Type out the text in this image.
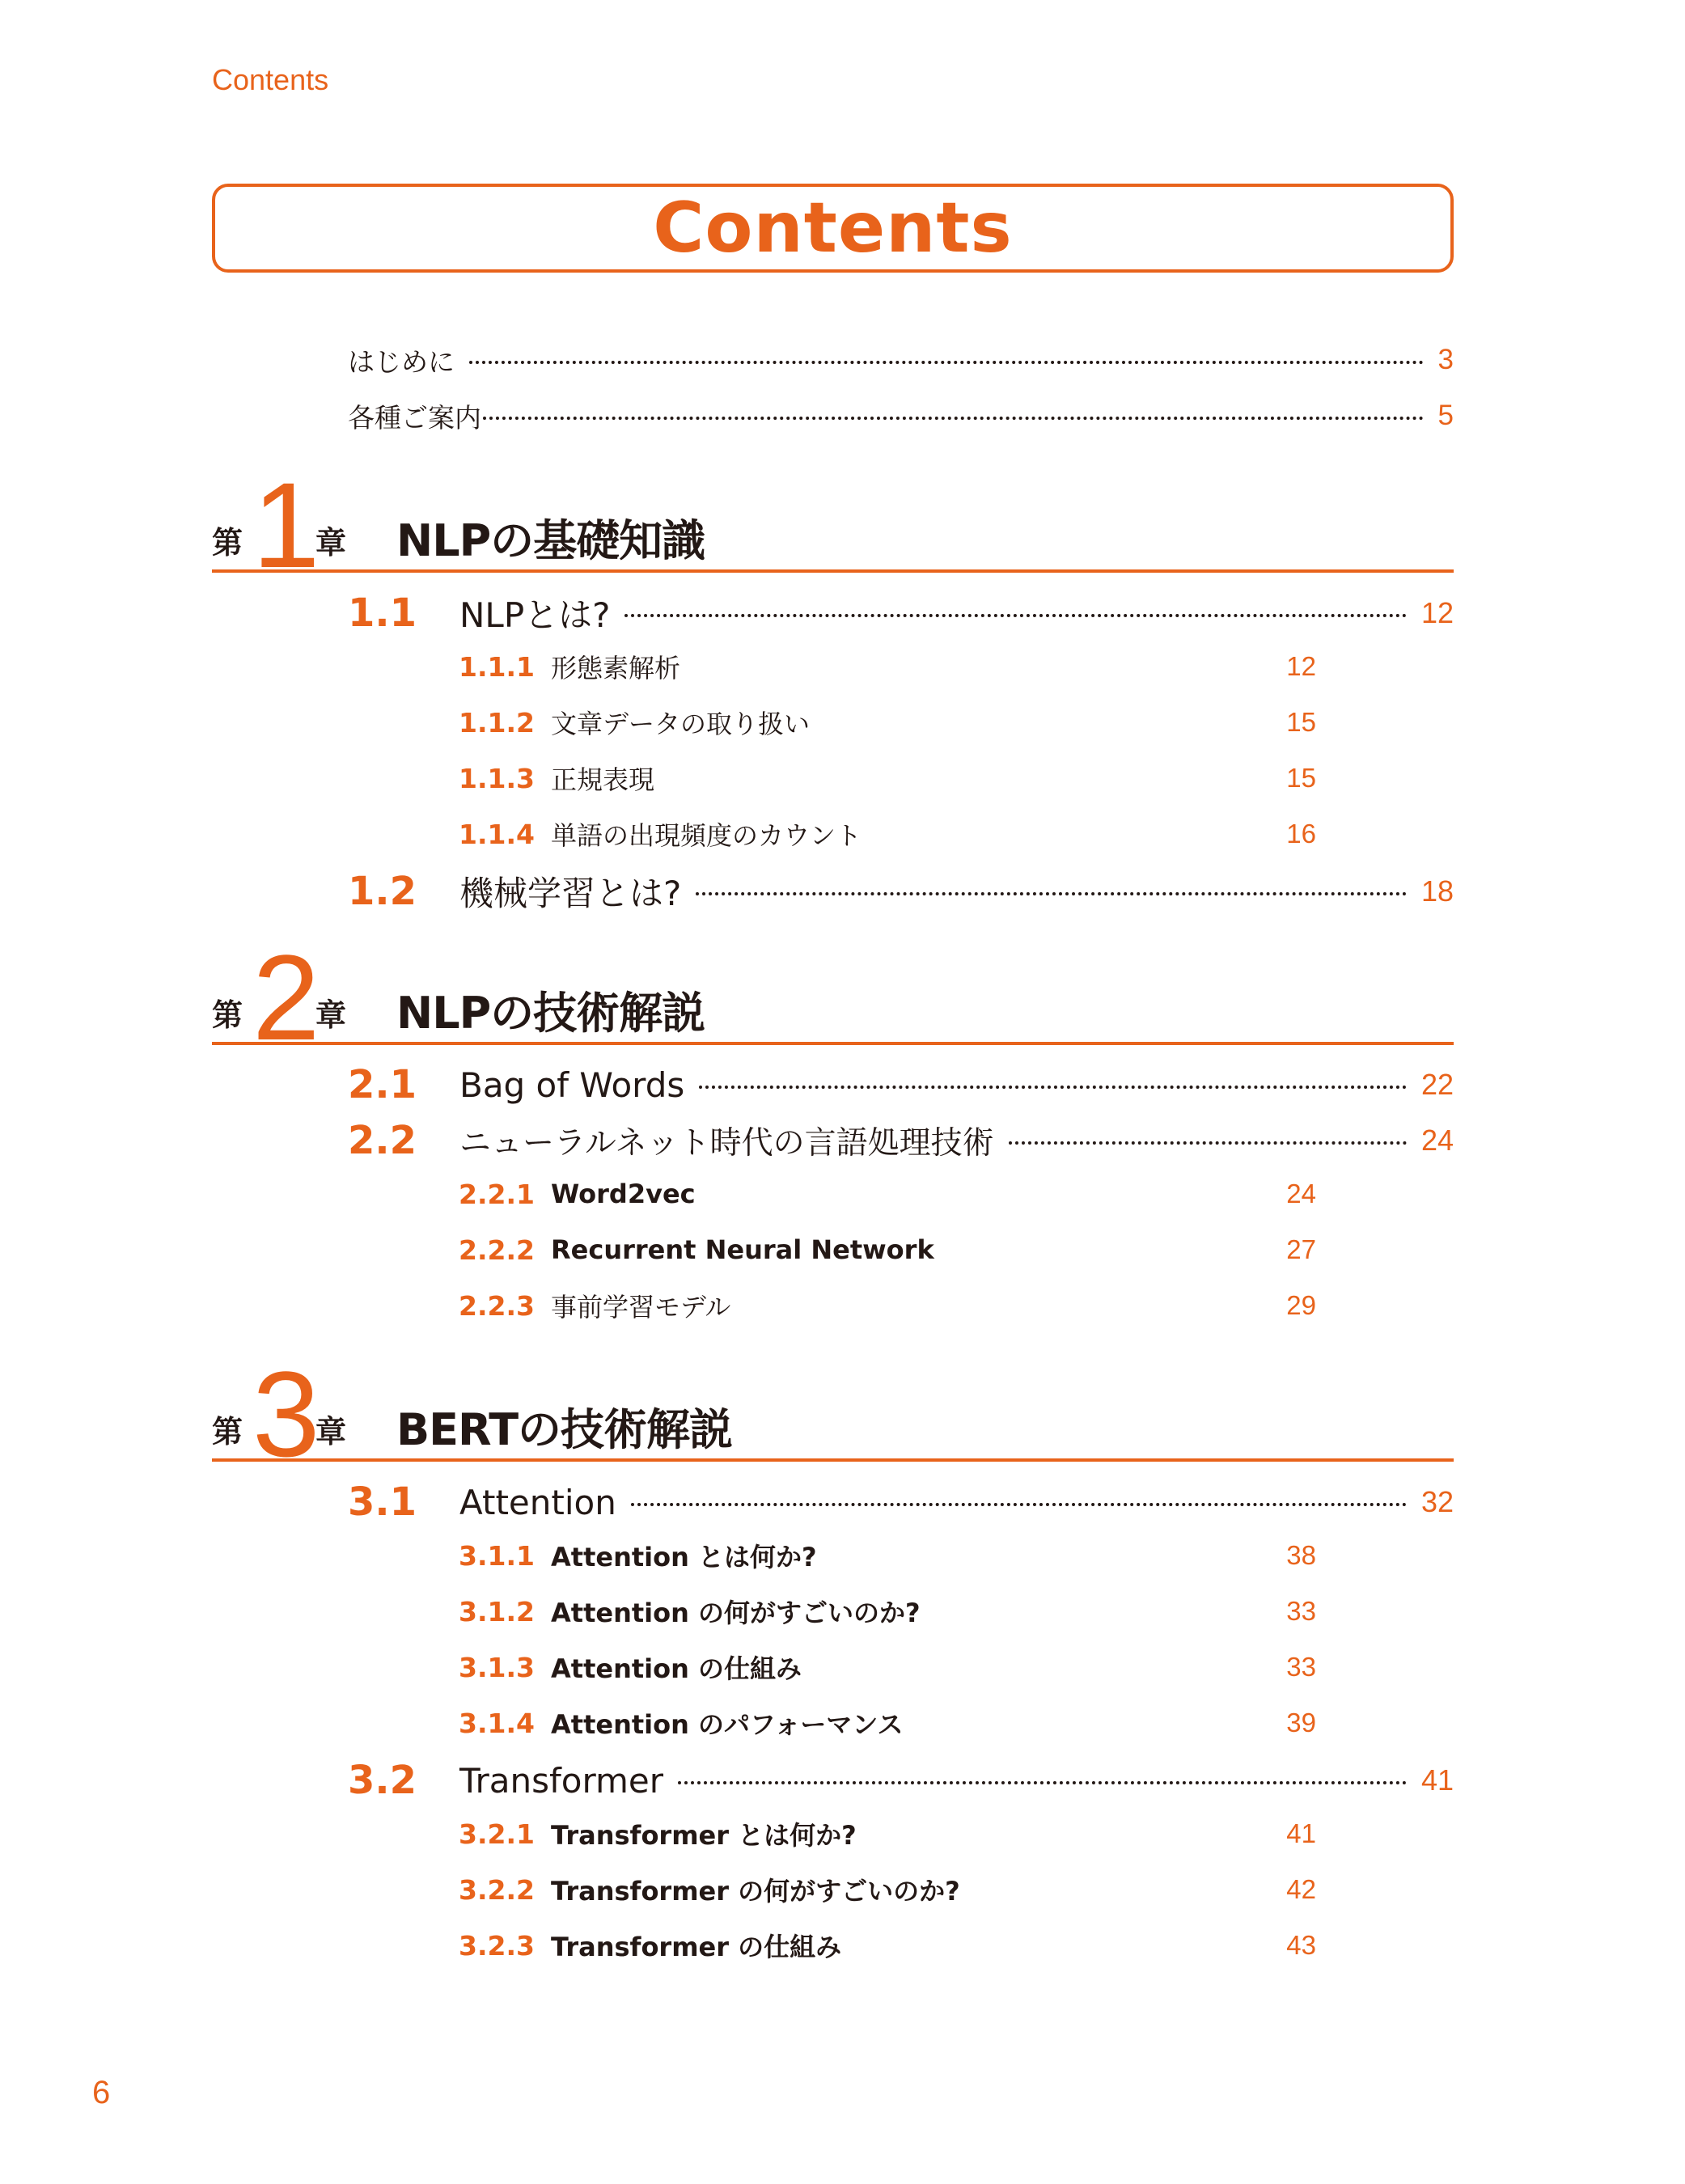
Contents
Contents
はじめに	3
各種ご案内	5
第 1
章 NLPの基礎知識
1.1	NLPとは?	12
1.1.1 形態素解析	12
1.1.2 文章データの取り扱い	15
1.1.3 正規表現	15
1.1.4 単語の出現頻度のカウント	16
1.2	機械学習とは?	18
第 2
章 NLPの技術解説
2.1	Bag of Words	22
2.2	ニューラルネット時代の言語処理技術	24
2.2.1 Word2vec	24
2.2.2 Recurrent Neural Network	27
2.2.3 事前学習モデル	29
第 3
章 BERTの技術解説
3.1	Attention	32
3.1.1 Attention とは何か?	38
3.1.2 Attention の何がすごいのか?	33
3.1.3 Attention の仕組み	33
3.1.4 Attention のパフォーマンス	39
3.2	Transformer	41
3.2.1 Transformer とは何か?	41
3.2.2 Transformer の何がすごいのか?	42
3.2.3 Transformer の仕組み	43
6
